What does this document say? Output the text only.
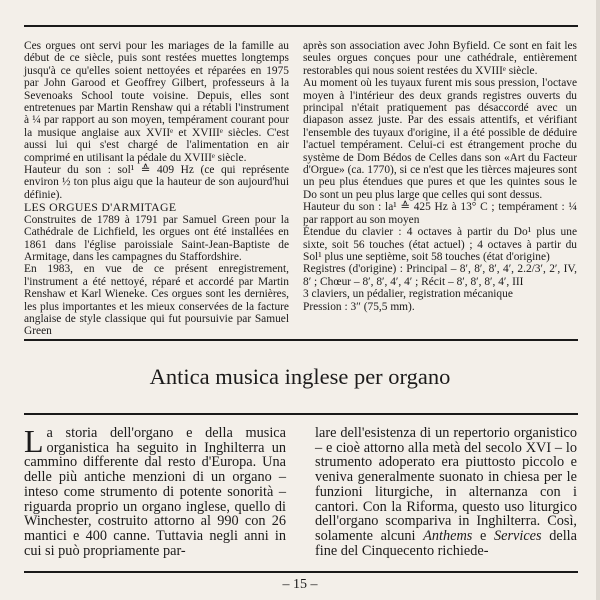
Ces orgues ont servi pour les mariages de la famille au début de ce siècle, puis sont restées muettes longtemps jusqu'à ce qu'elles soient nettoyées et réparées en 1975 par John Garood et Geoffrey Gilbert, professeurs à la Sevenoaks School toute voisine. Depuis, elles sont entretenues par Martin Renshaw qui a rétabli l'instrument à ¼ par rapport au son moyen, tempérament courant pour la musique anglaise aux XVIIᵉ et XVIIIᵉ siècles. C'est aussi lui qui s'est chargé de l'alimentation en air comprimé en utilisant la pédale du XVIIIᵉ siècle.

Hauteur du son : sol¹ ≙ 409 Hz (ce qui représente environ ½ ton plus aigu que la hauteur de son aujourd'hui définie).

LES ORGUES D'ARMITAGE

Construites de 1789 à 1791 par Samuel Green pour la Cathédrale de Lichfield, les orgues ont été installées en 1861 dans l'église paroissiale Saint-Jean-Baptiste de Armitage, dans les campagnes du Staffordshire.

En 1983, en vue de ce présent enregistrement, l'instrument a été nettoyé, réparé et accordé par Martin Renshaw et Karl Wieneke. Ces orgues sont les dernières, les plus importantes et les mieux conservées de la facture anglaise de style classique qui fut poursuivie par Samuel Green

après son association avec John Byfield. Ce sont en fait les seules orgues conçues pour une cathédrale, entièrement restorables qui nous soient restées du XVIIIᵉ siècle.

Au moment où les tuyaux furent mis sous pression, l'octave moyen à l'intérieur des deux grands registres ouverts du principal n'était pratiquement pas désaccordé avec un diapason assez juste. Par des essais attentifs, et vérifiant l'ensemble des tuyaux d'origine, il a été possible de déduire l'actuel tempérament. Celui-ci est étrangement proche du système de Dom Bédos de Celles dans son «Art du Facteur d'Orgue» (ca. 1770), si ce n'est que les tièrces majeures sont un peu plus étendues que pures et que les quintes sous le Do sont un peu plus large que celles qui sont dessus.

Hauteur du son : la¹ ≙ 425 Hz à 13° C ; tempérament : ¼ par rapport au son moyen

Étendue du clavier : 4 octaves à partir du Do¹ plus une sixte, soit 56 touches (état actuel) ; 4 octaves à partir du Sol¹ plus une septième, soit 58 touches (état d'origine)

Registres (d'origine) : Principal – 8′, 8′, 8′, 4′, 2.2/3′, 2′, IV, 8′ ; Chœur – 8′, 8′, 4′, 4′ ; Récit – 8′, 8′, 8′, 4′, III

3 claviers, un pédalier, registration mécanique

Pression : 3″ (75,5 mm).

Antica musica inglese per organo

La storia dell'organo e della musica organistica ha seguito in Inghilterra un cammino differente dal resto d'Europa. Una delle più antiche menzioni di un organo – inteso come strumento di potente sonorità – riguarda proprio un organo inglese, quello di Winchester, costruito attorno al 990 con 26 mantici e 400 canne. Tuttavia negli anni in cui si può propriamente par-

lare dell'esistenza di un repertorio organistico – e cioè attorno alla metà del secolo XVI – lo strumento adoperato era piuttosto piccolo e veniva generalmente suonato in chiesa per le funzioni liturgiche, in alternanza con i cantori. Con la Riforma, questo uso liturgico dell'organo scompariva in Inghilterra. Così, solamente alcuni Anthems e Services della fine del Cinquecento richiede-

– 15 –
